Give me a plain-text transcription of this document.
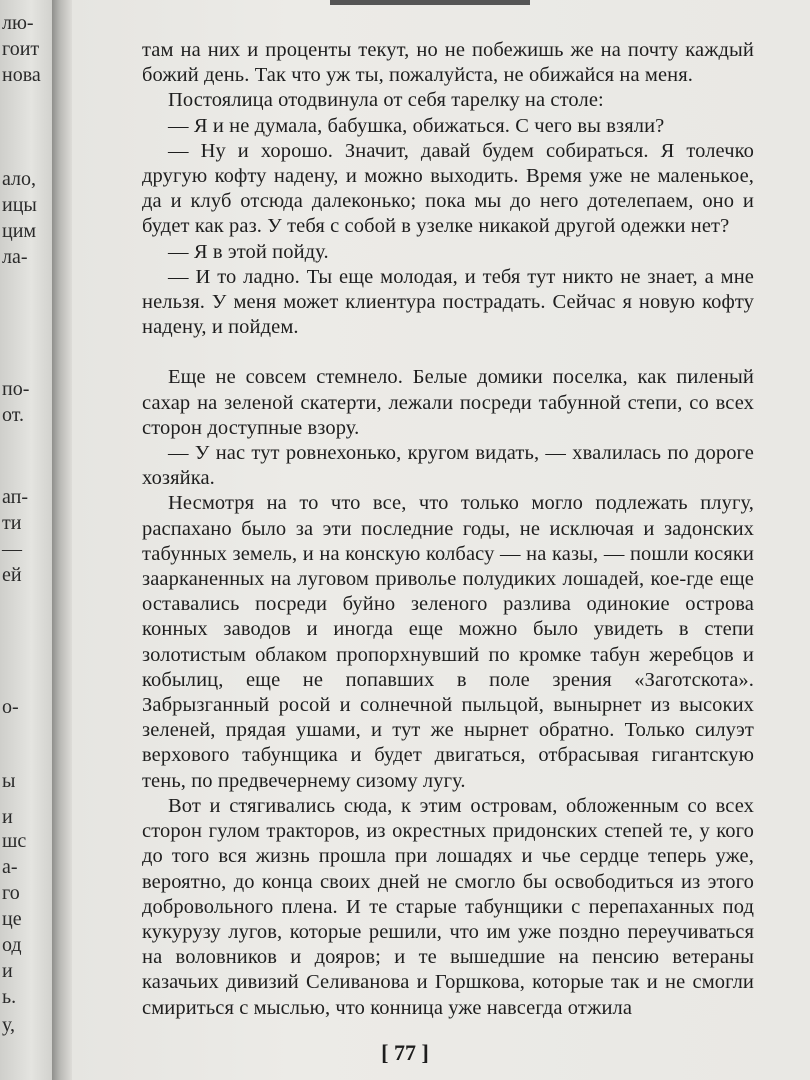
лю-
гоит
нова
ало,
ицы
цим
ла-
по-
от.
ап-
ти
—
ей
о-
ы
и
шс
а-
го
це
од
и
ь.
у,

там на них и проценты текут, но не побежишь же на почту каждый божий день. Так что уж ты, пожалуйста, не обижайся на меня.

Постоялица отодвинула от себя тарелку на столе:

— Я и не думала, бабушка, обижаться. С чего вы взяли?

— Ну и хорошо. Значит, давай будем собираться. Я толечко другую кофту надену, и можно выходить. Время уже не маленькое, да и клуб отсюда далеконько; пока мы до него дотелепаем, оно и будет как раз. У тебя с собой в узелке никакой другой одежки нет?

— Я в этой пойду.

— И то ладно. Ты еще молодая, и тебя тут никто не знает, а мне нельзя. У меня может клиентура пострадать. Сейчас я новую кофту надену, и пойдем.

Еще не совсем стемнело. Белые домики поселка, как пиленый сахар на зеленой скатерти, лежали посреди табунной степи, со всех сторон доступные взору.

— У нас тут ровнехонько, кругом видать, — хвалилась по дороге хозяйка.

Несмотря на то что все, что только могло подлежать плугу, распахано было за эти последние годы, не исключая и задонских табунных земель, и на конскую колбасу — на казы, — пошли косяки заарканенных на луговом приволье полудиких лошадей, кое-где еще оставались посреди буйно зеленого разлива одинокие острова конных заводов и иногда еще можно было увидеть в степи золотистым облаком пропорхнувший по кромке табун жеребцов и кобылиц, еще не попавших в поле зрения «Заготскота». Забрызганный росой и солнечной пыльцой, вынырнет из высоких зеленей, прядая ушами, и тут же нырнет обратно. Только силуэт верхового табунщика и будет двигаться, отбрасывая гигантскую тень, по предвечернему сизому лугу.

Вот и стягивались сюда, к этим островам, обложенным со всех сторон гулом тракторов, из окрестных придонских степей те, у кого до того вся жизнь прошла при лошадях и чье сердце теперь уже, вероятно, до конца своих дней не смогло бы освободиться из этого добровольного плена. И те старые табунщики с перепаханных под кукурузу лугов, которые решили, что им уже поздно переучиваться на воловников и дояров; и те вышедшие на пенсию ветераны казачьих дивизий Селиванова и Горшкова, которые так и не смогли смириться с мыслью, что конница уже навсегда отжила

[ 77 ]
